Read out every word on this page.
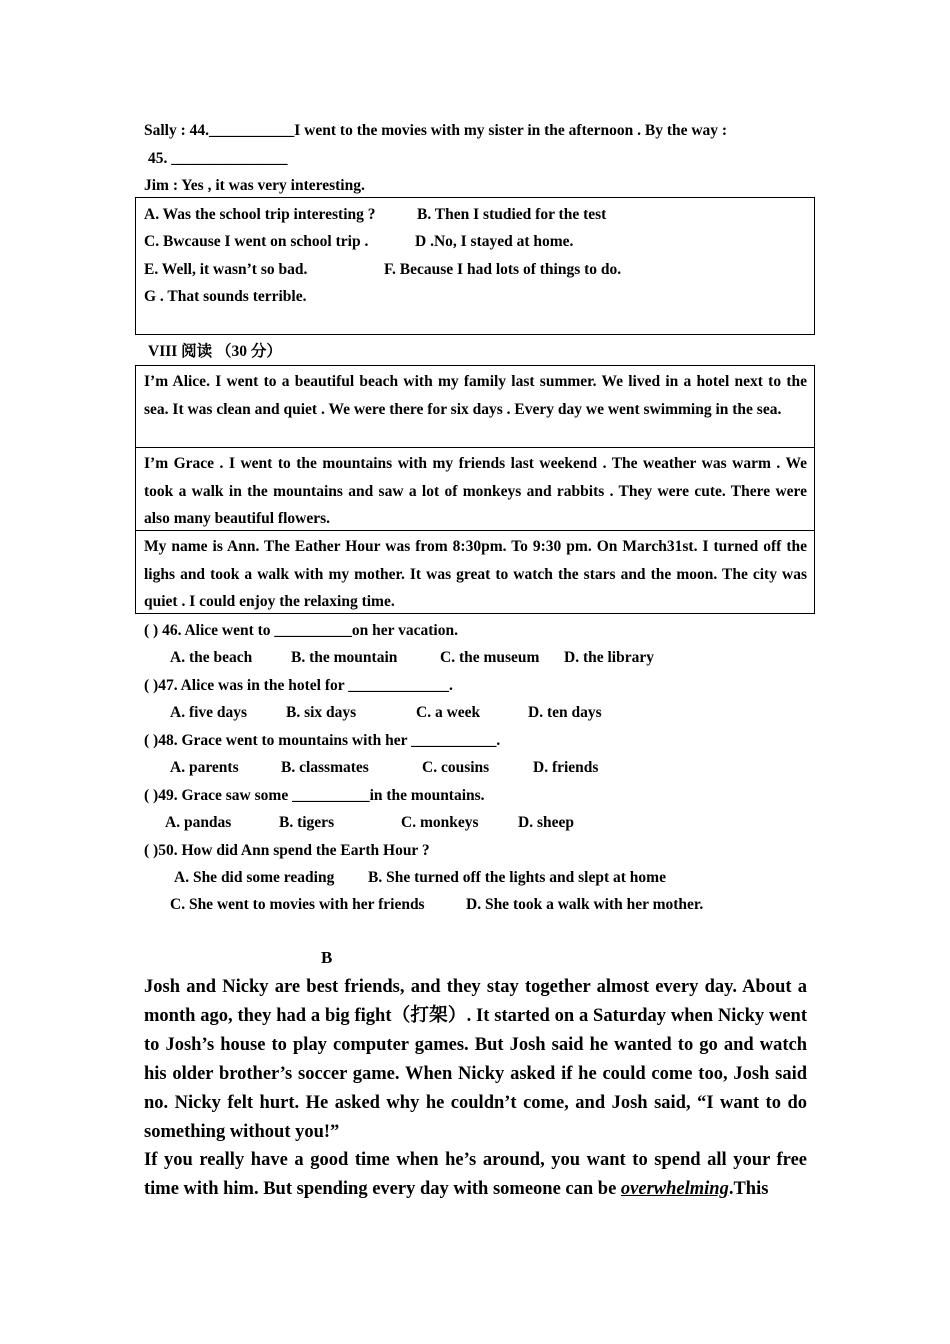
Sally : 44.___________I went to the movies with my sister in the afternoon . By the way :
45. _______________
Jim : Yes , it was very interesting.
A. Was the school trip interesting ?	B. Then I studied for the test
C. Bwcause I went on school trip .	D .No, I stayed at home.
E. Well, it wasn’t so bad.	F. Because I had lots of things to do.
G . That sounds terrible.
VIII 阅读 （30 分）
I’m Alice. I went to a beautiful beach with my family last summer. We lived in a hotel next to the sea. It was clean and quiet . We were there for six days . Every day we went swimming in the sea.
I’m Grace . I went to the mountains with my friends last weekend . The weather was warm . We took a walk in the mountains and saw a lot of monkeys and rabbits . They were cute. There were also many beautiful flowers.
My name is Ann. The Eather Hour was from 8:30pm. To 9:30 pm. On March31st. I turned off the lighs and took a walk with my mother. It was great to watch the stars and the moon. The city was quiet . I could enjoy the relaxing time.
( ) 46. Alice went to __________on her vacation.
A. the beach	B. the mountain	C. the museum D. the library
( )47. Alice was in the hotel for _____________.
A. five days	B. six days	C. a week	D. ten days
( )48. Grace went to mountains with her ___________.
A. parents	B. classmates	C. cousins	D. friends
( )49. Grace saw some __________in the mountains.
A. pandas	B. tigers	C. monkeys	D. sheep
( )50. How did Ann spend the Earth Hour ?
A. She did some reading B. She turned off the lights and slept at home
C. She went to movies with her friends	D. She took a walk with her mother.
B
Josh and Nicky are best friends, and they stay together almost every day. About a month ago, they had a big fight（打架）. It started on a Saturday when Nicky went to Josh’s house to play computer games. But Josh said he wanted to go and watch his older brother’s soccer game. When Nicky asked if he could come too, Josh said no. Nicky felt hurt. He asked why he couldn’t come, and Josh said, “I want to do something without you!”
If you really have a good time when he’s around, you want to spend all your free time with him. But spending every day with someone can be overwhelming.This
